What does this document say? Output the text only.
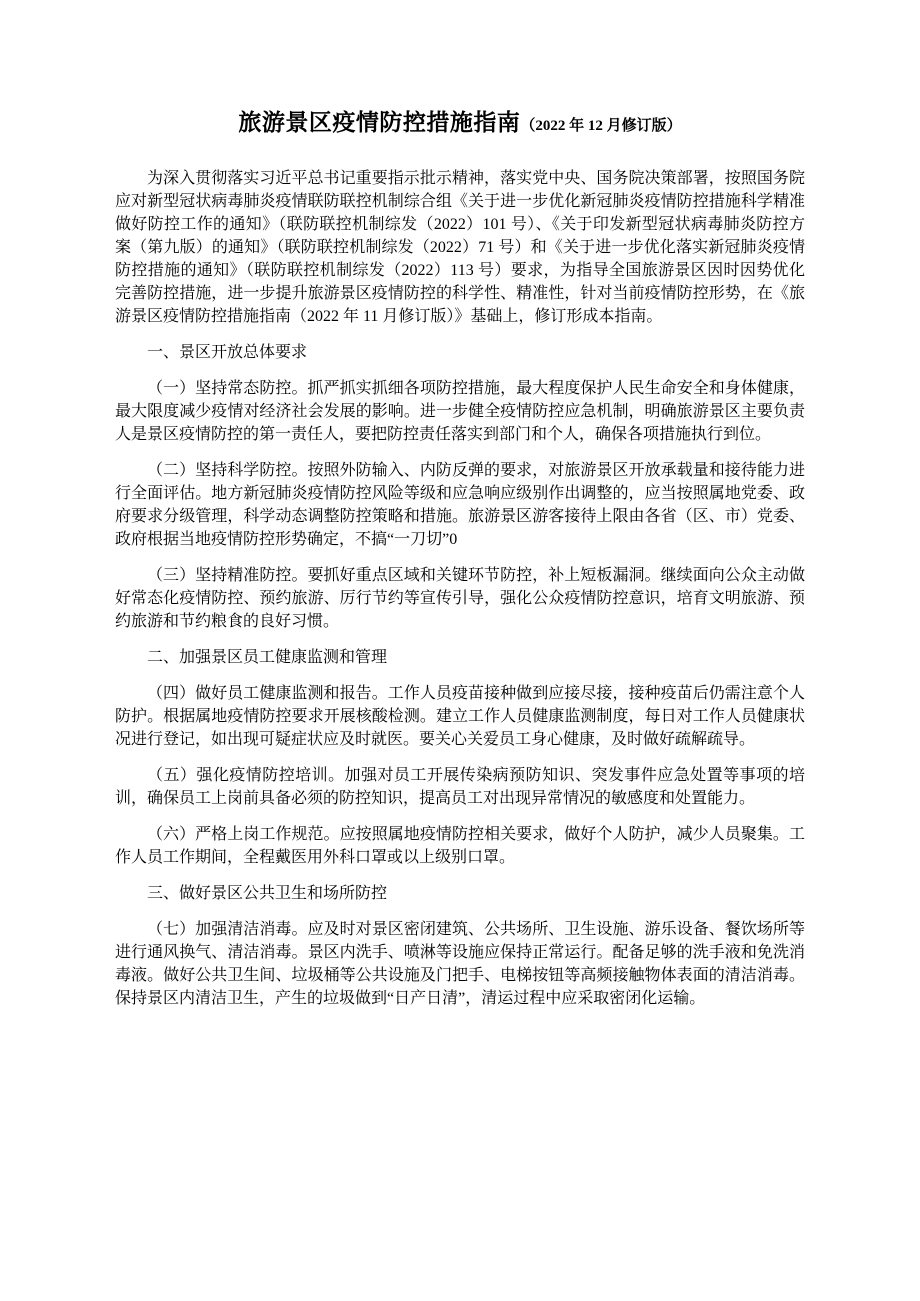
旅游景区疫情防控措施指南（2022 年 12 月修订版）

为深入贯彻落实习近平总书记重要指示批示精神，落实党中央、国务院决策部署，按照国务院应对新型冠状病毒肺炎疫情联防联控机制综合组《关于进一步优化新冠肺炎疫情防控措施科学精准做好防控工作的通知》（联防联控机制综发（2022）101 号）、《关于印发新型冠状病毒肺炎防控方案（第九版）的通知》（联防联控机制综发（2022）71 号）和《关于进一步优化落实新冠肺炎疫情防控措施的通知》（联防联控机制综发（2022）113 号）要求，为指导全国旅游景区因时因势优化完善防控措施，进一步提升旅游景区疫情防控的科学性、精准性，针对当前疫情防控形势，在《旅游景区疫情防控措施指南（2022 年 11 月修订版）》基础上，修订形成本指南。

一、景区开放总体要求

（一）坚持常态防控。抓严抓实抓细各项防控措施，最大程度保护人民生命安全和身体健康，最大限度减少疫情对经济社会发展的影响。进一步健全疫情防控应急机制，明确旅游景区主要负责人是景区疫情防控的第一责任人，要把防控责任落实到部门和个人，确保各项措施执行到位。

（二）坚持科学防控。按照外防输入、内防反弹的要求，对旅游景区开放承载量和接待能力进行全面评估。地方新冠肺炎疫情防控风险等级和应急响应级别作出调整的，应当按照属地党委、政府要求分级管理，科学动态调整防控策略和措施。旅游景区游客接待上限由各省（区、市）党委、政府根据当地疫情防控形势确定，不搞“一刀切”0

（三）坚持精准防控。要抓好重点区域和关键环节防控，补上短板漏洞。继续面向公众主动做好常态化疫情防控、预约旅游、厉行节约等宣传引导，强化公众疫情防控意识，培育文明旅游、预约旅游和节约粮食的良好习惯。

二、加强景区员工健康监测和管理

（四）做好员工健康监测和报告。工作人员疫苗接种做到应接尽接，接种疫苗后仍需注意个人防护。根据属地疫情防控要求开展核酸检测。建立工作人员健康监测制度，每日对工作人员健康状况进行登记，如出现可疑症状应及时就医。要关心关爱员工身心健康，及时做好疏解疏导。

（五）强化疫情防控培训。加强对员工开展传染病预防知识、突发事件应急处置等事项的培训，确保员工上岗前具备必须的防控知识，提高员工对出现异常情况的敏感度和处置能力。

（六）严格上岗工作规范。应按照属地疫情防控相关要求，做好个人防护，减少人员聚集。工作人员工作期间，全程戴医用外科口罩或以上级别口罩。

三、做好景区公共卫生和场所防控

（七）加强清洁消毒。应及时对景区密闭建筑、公共场所、卫生设施、游乐设备、餐饮场所等进行通风换气、清洁消毒。景区内洗手、喷淋等设施应保持正常运行。配备足够的洗手液和免洗消毒液。做好公共卫生间、垃圾桶等公共设施及门把手、电梯按钮等高频接触物体表面的清洁消毒。保持景区内清洁卫生，产生的垃圾做到“日产日清”，清运过程中应采取密闭化运输。
